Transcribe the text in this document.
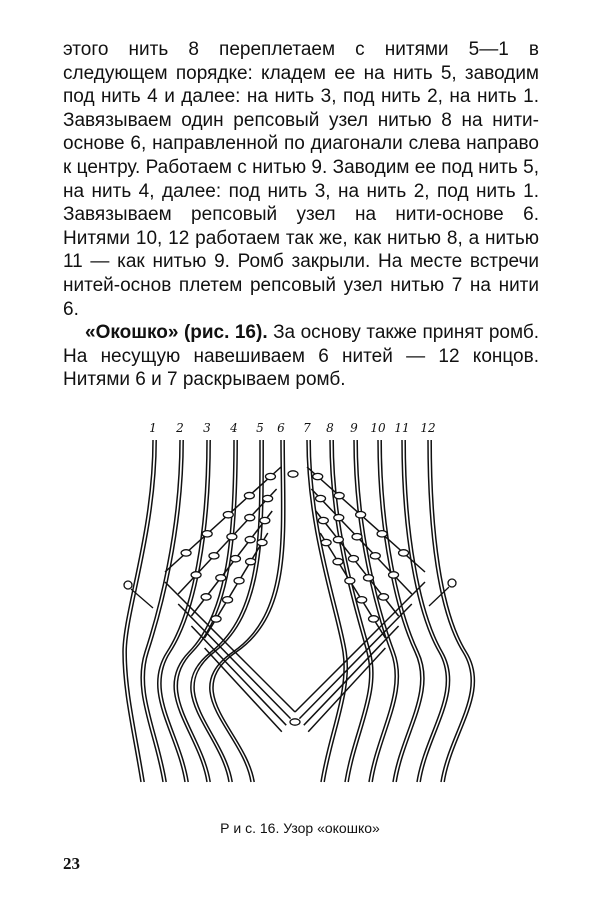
этого нить 8 переплетаем с нитями 5—1 в следующем порядке: кладем ее на нить 5, заводим под нить 4 и далее: на нить 3, под нить 2, на нить 1. Завязываем один репсовый узел нитью 8 на нити-основе 6, направленной по диагонали слева направо к центру. Работаем с нитью 9. Заводим ее под нить 5, на нить 4, далее: под нить 3, на нить 2, под нить 1. Завязываем репсовый узел на нити-основе 6. Нитями 10, 12 работаем так же, как нитью 8, а нитью 11 — как нитью 9. Ромб закрыли. На месте встречи нитей-основ плетем репсовый узел нитью 7 на нити 6.

«Окошко» (рис. 16). За основу также принят ромб. На несущую навешиваем 6 нитей — 12 концов. Нитями 6 и 7 раскрываем ромб.

1 2 3 4 5 6 7 8 9 10 11 12
Р и с. 16. Узор «окошко»
23
